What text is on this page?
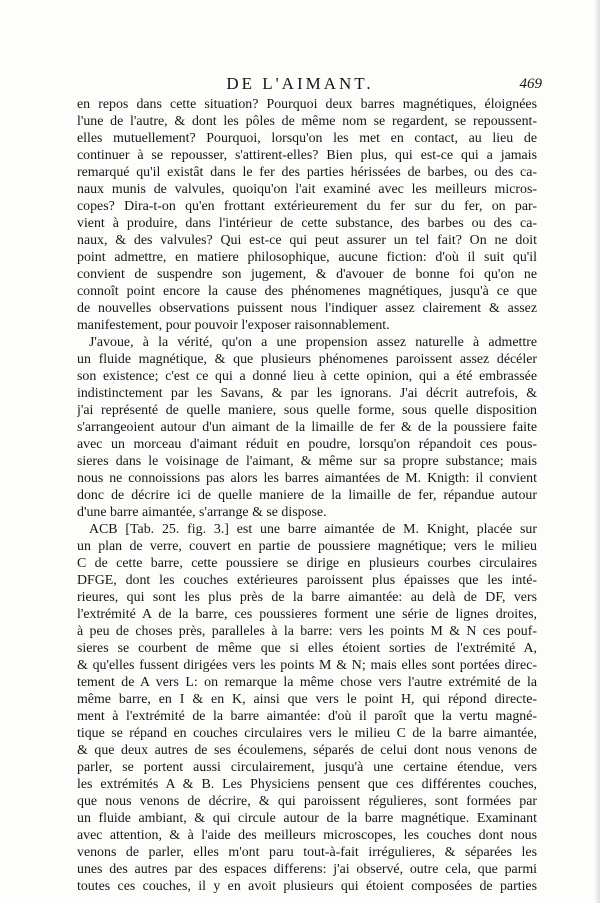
DE L'AIMANT.	469
en repos dans cette situation? Pourquoi deux barres magnétiques, éloignées
l'une de l'autre, & dont les pôles de même nom se regardent, se repoussent-
elles mutuellement? Pourquoi, lorsqu'on les met en contact, au lieu de
continuer à se repousser, s'attirent-elles? Bien plus, qui est-ce qui a jamais
remarqué qu'il existât dans le fer des parties hérissées de barbes, ou des ca-
naux munis de valvules, quoiqu'on l'ait examiné avec les meilleurs micros-
copes? Dira-t-on qu'en frottant extérieurement du fer sur du fer, on par-
vient à produire, dans l'intérieur de cette substance, des barbes ou des ca-
naux, & des valvules? Qui est-ce qui peut assurer un tel fait? On ne doit
point admettre, en matiere philosophique, aucune fiction: d'où il suit qu'il
convient de suspendre son jugement, & d'avouer de bonne foi qu'on ne
connoît point encore la cause des phénomenes magnétiques, jusqu'à ce que
de nouvelles observations puissent nous l'indiquer assez clairement & assez
manifestement, pour pouvoir l'exposer raisonnablement.
J'avoue, à la vérité, qu'on a une propension assez naturelle à admettre
un fluide magnétique, & que plusieurs phénomenes paroissent assez décéler
son existence; c'est ce qui a donné lieu à cette opinion, qui a été embrassée
indistinctement par les Savans, & par les ignorans. J'ai décrit autrefois, &
j'ai représenté de quelle maniere, sous quelle forme, sous quelle disposition
s'arrangeoient autour d'un aimant de la limaille de fer & de la poussiere faite
avec un morceau d'aimant réduit en poudre, lorsqu'on répandoit ces pous-
sieres dans le voisinage de l'aimant, & même sur sa propre substance; mais
nous ne connoissions pas alors les barres aimantées de M. Knigth: il convient
donc de décrire ici de quelle maniere de la limaille de fer, répandue autour
d'une barre aimantée, s'arrange & se dispose.
ACB [Tab. 25. fig. 3.] est une barre aimantée de M. Knight, placée sur
un plan de verre, couvert en partie de poussiere magnétique; vers le milieu
C de cette barre, cette poussiere se dirige en plusieurs courbes circulaires
DFGE, dont les couches extérieures paroissent plus épaisses que les inté-
rieures, qui sont les plus près de la barre aimantée: au delà de DF, vers
l'extrémité A de la barre, ces poussieres forment une série de lignes droites,
à peu de choses près, paralleles à la barre: vers les points M & N ces pouf-
sieres se courbent de même que si elles étoient sorties de l'extrémité A,
& qu'elles fussent dirigées vers les points M & N; mais elles sont portées direc-
tement de A vers L: on remarque la même chose vers l'autre extrémité de la
même barre, en I & en K, ainsi que vers le point H, qui répond directe-
ment à l'extrémité de la barre aimantée: d'où il paroît que la vertu magné-
tique se répand en couches circulaires vers le milieu C de la barre aimantée,
& que deux autres de ses écoulemens, séparés de celui dont nous venons de
parler, se portent aussi circulairement, jusqu'à une certaine étendue, vers
les extrémités A & B. Les Physiciens pensent que ces différentes couches,
que nous venons de décrire, & qui paroissent régulieres, sont formées par
un fluide ambiant, & qui circule autour de la barre magnétique. Examinant
avec attention, & à l'aide des meilleurs microscopes, les couches dont nous
venons de parler, elles m'ont paru tout-à-fait irrégulieres, & séparées les
unes des autres par des espaces differens: j'ai observé, outre cela, que parmi
toutes ces couches, il y en avoit plusieurs qui étoient composées de parties
